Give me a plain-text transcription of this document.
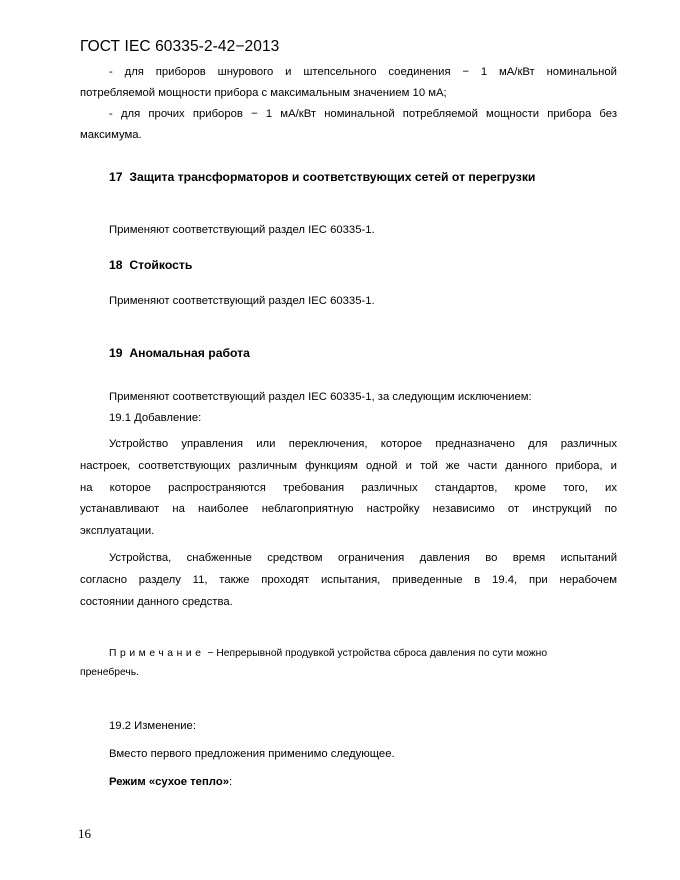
ГОСТ IEC 60335-2-42−2013
- для приборов шнурового и штепсельного соединения − 1 мА/кВт номинальной
потребляемой мощности прибора с максимальным значением 10 мА;
- для прочих приборов − 1 мА/кВт номинальной потребляемой мощности прибора без
максимума.
17 Защита трансформаторов и соответствующих сетей от перегрузки
Применяют соответствующий раздел IEC 60335-1.
18 Стойкость
Применяют соответствующий раздел IEC 60335-1.
19 Аномальная работа
Применяют соответствующий раздел IEC 60335-1, за следующим исключением:
19.1 Добавление:
Устройство управления или переключения, которое предназначено для различных
настроек, соответствующих различным функциям одной и той же части данного прибора, и
на которое распространяются требования различных стандартов, кроме того, их
устанавливают на наиболее неблагоприятную настройку независимо от инструкций по
эксплуатации.
Устройства, снабженные средством ограничения давления во время испытаний
согласно разделу 11, также проходят испытания, приведенные в 19.4, при нерабочем
состоянии данного средства.
Примечание − Непрерывной продувкой устройства сброса давления по сути можно
пренебречь.
19.2 Изменение:
Вместо первого предложения применимо следующее.
Режим «сухое тепло»:
16
